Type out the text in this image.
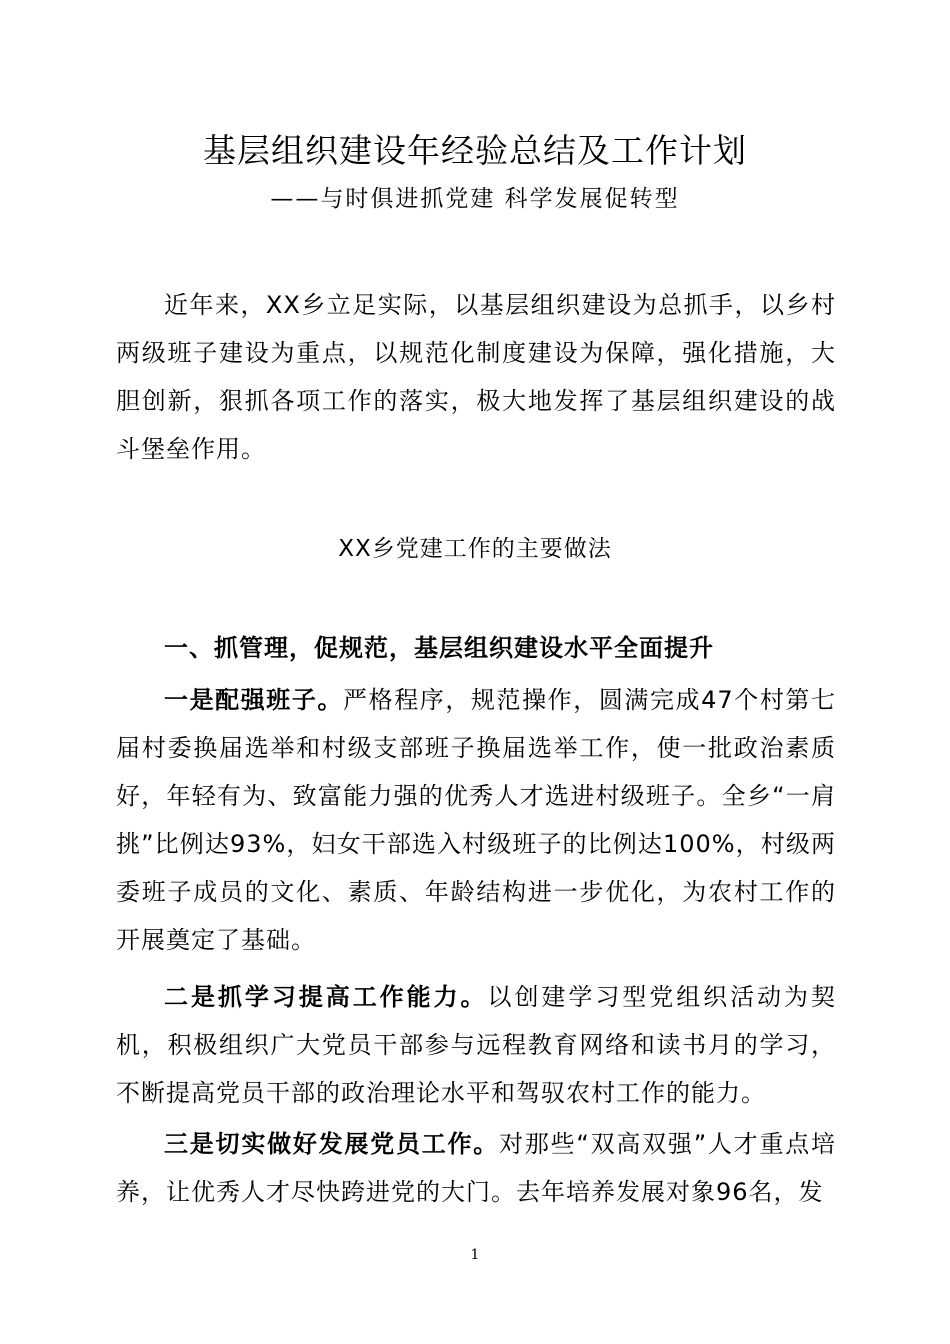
基层组织建设年经验总结及工作计划
——与时俱进抓党建 科学发展促转型

近年来，XX乡立足实际，以基层组织建设为总抓手，以乡村两级班子建设为重点，以规范化制度建设为保障，强化措施，大胆创新，狠抓各项工作的落实，极大地发挥了基层组织建设的战斗堡垒作用。

XX乡党建工作的主要做法
一、抓管理，促规范，基层组织建设水平全面提升

一是配强班子。严格程序，规范操作，圆满完成47个村第七届村委换届选举和村级支部班子换届选举工作，使一批政治素质好，年轻有为、致富能力强的优秀人才选进村级班子。全乡“一肩挑”比例达93%，妇女干部选入村级班子的比例达100%，村级两委班子成员的文化、素质、年龄结构进一步优化，为农村工作的开展奠定了基础。

二是抓学习提高工作能力。以创建学习型党组织活动为契机，积极组织广大党员干部参与远程教育网络和读书月的学习，不断提高党员干部的政治理论水平和驾驭农村工作的能力。

三是切实做好发展党员工作。对那些“双高双强”人才重点培养，让优秀人才尽快跨进党的大门。去年培养发展对象96名，发

1
